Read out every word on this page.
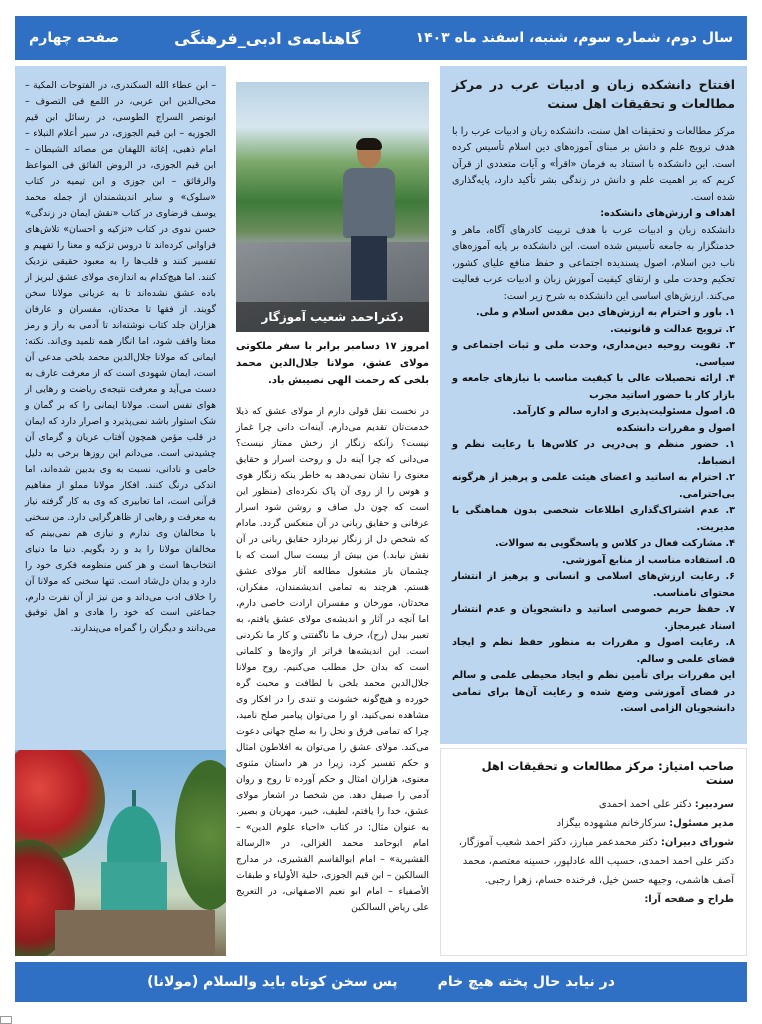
سال دوم، شماره سوم، شنبه، اسفند ماه ۱۴۰۳
گاهنامه‌ی ادبی_فرهنگی
صفحه چهارم
افتتاح دانشکده زبان و ادبیات عرب در مرکز مطالعات و تحقیقات اهل سنت

مرکز مطالعات و تحقیقات اهل سنت، دانشکده زبان و ادبیات عرب را با هدف ترویج علم و دانش بر مبنای آموزه‌های دین اسلام تأسیس کرده است. این دانشکده با استناد به فرمان «اقرأ» و آیات متعددی از قرآن کریم که بر اهمیت علم و دانش در زندگی بشر تأکید دارد، پایه‌گذاری شده است.

اهداف و ارزش‌های دانشکده:

دانشکده زبان و ادبیات عرب با هدف تربیت کادرهای آگاه، ماهر و خدمتگزار به جامعه تأسیس شده است. این دانشکده بر پایه آموزه‌های ناب دین اسلام، اصول پسندیده اجتماعی و حفظ منافع علیای کشور، تحکیم وحدت ملی و ارتقای کیفیت آموزش زبان و ادبیات عرب فعالیت می‌کند. ارزش‌های اساسی این دانشکده به شرح زیر است:

۱. باور و احترام به ارزش‌های دین مقدس اسلام و ملی.
۲. ترویج عدالت و قانونیت.
۳. تقویت روحیه دین‌مداری، وحدت ملی و ثبات اجتماعی و سیاسی.
۴. ارائه تحصیلات عالی با کیفیت مناسب با نیازهای جامعه و بازار کار با حضور اساتید مجرب
۵. اصول مسئولیت‌پذیری و اداره سالم و کارآمد.
اصول و مقررات دانشکده
۱. حضور منظم و پی‌درپی در کلاس‌ها با رعایت نظم و انضباط.
۲. احترام به اساتید و اعضای هیئت علمی و پرهیز از هرگونه بی‌احترامی.
۳. عدم اشتراک‌گذاری اطلاعات شخصی بدون هماهنگی با مدیریت.
۴. مشارکت فعال در کلاس و پاسخگویی به سوالات.
۵. استفاده مناسب از منابع آموزشی.
۶. رعایت ارزش‌های اسلامی و انسانی و پرهیز از انتشار محتوای نامناسب.
۷. حفظ حریم خصوصی اساتید و دانشجویان و عدم انتشار اسناد غیرمجاز.
۸. رعایت اصول و مقررات به منظور حفظ نظم و ایجاد فضای علمی و سالم.

این مقررات برای تأمین نظم و ایجاد محیطی علمی و سالم در فضای آموزشی وضع شده و رعایت آن‌ها برای تمامی دانشجویان الزامی است.

دکتراحمد شعیب آموزگار

امروز ۱۷ دسامبر برابر با سفر ملکوتی مولای عشق، مولانا جلال‌الدین محمد بلخی که رحمت الهی نصیبش باد.

در نخست نقل قولی دارم از مولای عشق که ذیلا خدمت‌تان تقدیم می‌دارم. آینه‌ات دانی چرا غماز نیست؟ زآنکه زنگار از رخش ممتاز نیست؟ می‌دانی که چرا آینه دل و روحت اسرار و حقایق معنوی را نشان نمی‌دهد به خاطر ینکه زنگار هوی و هوس را از روی آن پاک نکرده‌ای (منظور این است که چون دل صاف و روشن شود اسرار عرفانی و حقایق ربانی در آن منعکس گردد. مادام که شخص دل از زنگار نپردازد حقایق ربانی در آن نقش نیابد.) من بیش از بیست سال است که با چشمان باز مشغول مطالعه آثار مولای عشق هستم. هرچند به تمامی اندیشمندان، مفکران، محدثان، مورخان و مفسران ارادت خاصی دارم، اما آنچه در آثار و اندیشه‌ی مولای عشق یافتم، به تعبیر بیدل (رح)، حرف ما ناگفتنی و کار ما نکردنی است. این اندیشه‌ها فراتر از واژه‌ها و کلماتی است که بدان حل مطلب می‌کنیم. روح مولانا جلال‌الدین محمد بلخی با لطافت و محبت گره خورده و هیچ‌گونه خشونت و تندی را در افکار وی مشاهده نمی‌کنید. او را می‌توان پیامبر صلح نامید، چرا که تمامی فرق و نحل را به صلح جهانی دعوت می‌کند. مولای عشق را می‌توان به افلاطون امثال و حکم تفسیر کرد، زیرا در هر داستان مثنوی معنوی، هزاران امثال و حکم آورده تا روح و روان آدمی را صیقل دهد. من شخصا در اشعار مولای عشق، خدا را یافتم، لطیف، خبیر، مهربان و بصیر. به عنوان مثال: در کتاب «احیاء علوم الدین» – امام ابوحامد محمد الغزالی، در «الرسالة القشیریة» – امام ابوالقاسم القشیری، در مدارج السالکین – ابن قیم الجوزی، حلیة الأولیاء و طبقات الأصفیاء – امام ابو نعیم الاصفهانی، در التعریج علی ریاض السالکین

– ابن عطاء الله السکندری، در الفتوحات المکیة – محی‌الدین ابن عربی، در اللمع فی التصوف – ابونصر السراج الطوسی، در رسائل ابن قیم الجوزیه – ابن قیم الجوزی، در سیر أعلام النبلاء – امام ذهبی، إغاثة اللهفان من مصائد الشیطان – ابن قیم الجوزی، در الروض الفائق فی المواعظ والرقائق – ابن جوزی و ابن تیمیه در کتاب «سلوک» و سایر اندیشمندان از جمله محمد یوسف قرضاوی در کتاب «نقش ایمان در زندگی» حسن ندوی در کتاب «تزکیه و احسان» تلاش‌های فراوانی کرده‌اند تا دروس تزکیه و معنا را تفهیم و تفسیر کنند و قلب‌ها را به معبود حقیقی نزدیک کنند. اما هیچ‌کدام به اندازه‌ی مولای عشق لبریز از باده عشق نشده‌اند تا به عریانی مولانا سخن گویند. از فقها تا محدثان، مفسران و عارفان هزاران جلد کتاب نوشته‌اند تا آدمی به راز و رمز معنا واقف شود، اما انگار همه تلمید وی‌اند. نکته: ایمانی که مولانا جلال‌الدین محمد بلخی مدعی آن است، ایمان شهودی است که از معرفت عارف به دست می‌آید و معرفت نتیجه‌ی ریاضت و رهایی از هوای نفس است. مولانا ایمانی را که بر گمان و شک استوار باشد نمی‌پذیرد و اصرار دارد که ایمان در قلب مؤمن همچون آفتاب عریان و گرمای آن چشیدنی است. می‌دانم این روزها برخی به دلیل خامی و نادانی، نسبت به وی بدبین شده‌اند، اما اندکی درنگ کنند. افکار مولانا مملو از مفاهیم قرآنی است، اما تعابیری که وی به کار گرفته نیاز به معرفت و رهایی از ظاهرگرایی دارد. من سخنی با مخالفان وی ندارم و نیازی هم نمی‌بینم که مخالفان مولانا را بد و رد بگویم. دنیا ما دنیای انتخاب‌ها است و هر کس منظومه فکری خود را دارد و بدان دل‌شاد است. تنها سخنی که مولانا آن را خلاف ادب می‌داند و من نیز از آن نفرت دارم، جماعتی است که خود را هادی و اهل توفیق می‌دانند و دیگران را گمراه می‌پندارند.

صاحب امتیاز: مرکز مطالعات و تحقیقات اهل سنت

سردبیر: دکتر علی احمد احمدی

مدیر مسئول: سرکارخانم مشهوده بیگزاد

شورای دبیران: دکتر محمدعمر مبارز، دکتر احمد شعیب آموزگار، دکتر علی احمد احمدی، حسیب الله عادلپور، حسینه معتصم، محمد آصف هاشمی، وجیهه حسن خیل، فرخنده حسام، زهرا رجبی.

طراح و صفحه آرا:

در نیابد حال پخته هیچ خام
پس سخن کوتاه باید والسلام (مولانا)
